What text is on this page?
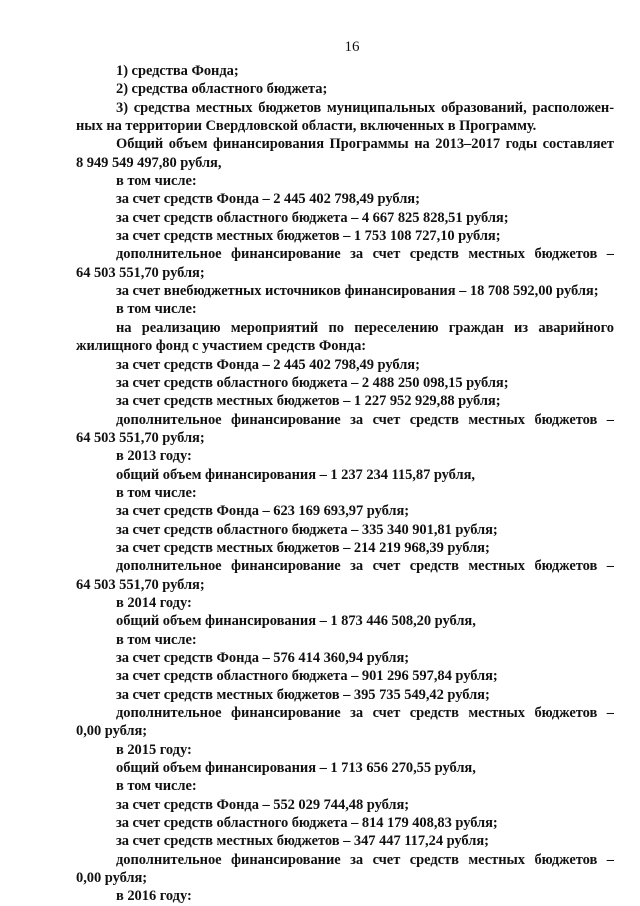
16
1) средства Фонда;
2) средства областного бюджета;
3) средства местных бюджетов муниципальных образований, расположен-
ных на территории Свердловской области, включенных в Программу.
Общий объем финансирования Программы на 2013–2017 годы составляет
8 949 549 497,80 рубля,
в том числе:
за счет средств Фонда – 2 445 402 798,49 рубля;
за счет средств областного бюджета – 4 667 825 828,51 рубля;
за счет средств местных бюджетов – 1 753 108 727,10 рубля;
дополнительное финансирование за счет средств местных бюджетов –
64 503 551,70 рубля;
за счет внебюджетных источников финансирования – 18 708 592,00 рубля;
в том числе:
на реализацию мероприятий по переселению граждан из аварийного
жилищного фонд с участием средств Фонда:
за счет средств Фонда – 2 445 402 798,49 рубля;
за счет средств областного бюджета – 2 488 250 098,15 рубля;
за счет средств местных бюджетов – 1 227 952 929,88 рубля;
дополнительное финансирование за счет средств местных бюджетов –
64 503 551,70 рубля;
в 2013 году:
общий объем финансирования – 1 237 234 115,87 рубля,
в том числе:
за счет средств Фонда – 623 169 693,97 рубля;
за счет средств областного бюджета – 335 340 901,81 рубля;
за счет средств местных бюджетов – 214 219 968,39 рубля;
дополнительное финансирование за счет средств местных бюджетов –
64 503 551,70 рубля;
в 2014 году:
общий объем финансирования – 1 873 446 508,20 рубля,
в том числе:
за счет средств Фонда – 576 414 360,94 рубля;
за счет средств областного бюджета – 901 296 597,84 рубля;
за счет средств местных бюджетов – 395 735 549,42 рубля;
дополнительное финансирование за счет средств местных бюджетов –
0,00 рубля;
в 2015 году:
общий объем финансирования – 1 713 656 270,55 рубля,
в том числе:
за счет средств Фонда – 552 029 744,48 рубля;
за счет средств областного бюджета – 814 179 408,83 рубля;
за счет средств местных бюджетов – 347 447 117,24 рубля;
дополнительное финансирование за счет средств местных бюджетов –
0,00 рубля;
в 2016 году:
